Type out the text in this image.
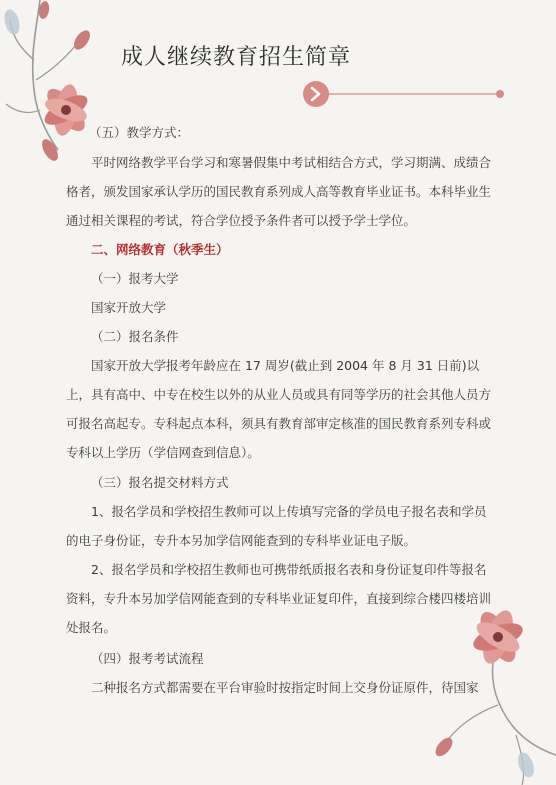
成人继续教育招生简章
（五）教学方式：
平时网络教学平台学习和寒暑假集中考试相结合方式，学习期满、成绩合格者，颁发国家承认学历的国民教育系列成人高等教育毕业证书。本科毕业生通过相关课程的考试，符合学位授予条件者可以授予学士学位。
二、网络教育（秋季生）
（一）报考大学
国家开放大学
（二）报名条件
国家开放大学报考年龄应在 17 周岁(截止到 2004 年 8 月 31 日前)以上，具有高中、中专在校生以外的从业人员或具有同等学历的社会其他人员方可报名高起专。专科起点本科，须具有教育部审定核准的国民教育系列专科或专科以上学历（学信网查到信息）。
（三）报名提交材料方式
1、报名学员和学校招生教师可以上传填写完备的学员电子报名表和学员的电子身份证，专升本另加学信网能查到的专科毕业证电子版。
2、报名学员和学校招生教师也可携带纸质报名表和身份证复印件等报名资料，专升本另加学信网能查到的专科毕业证复印件，直接到综合楼四楼培训处报名。
（四）报考考试流程
二种报名方式都需要在平台审验时按指定时间上交身份证原件，待国家
